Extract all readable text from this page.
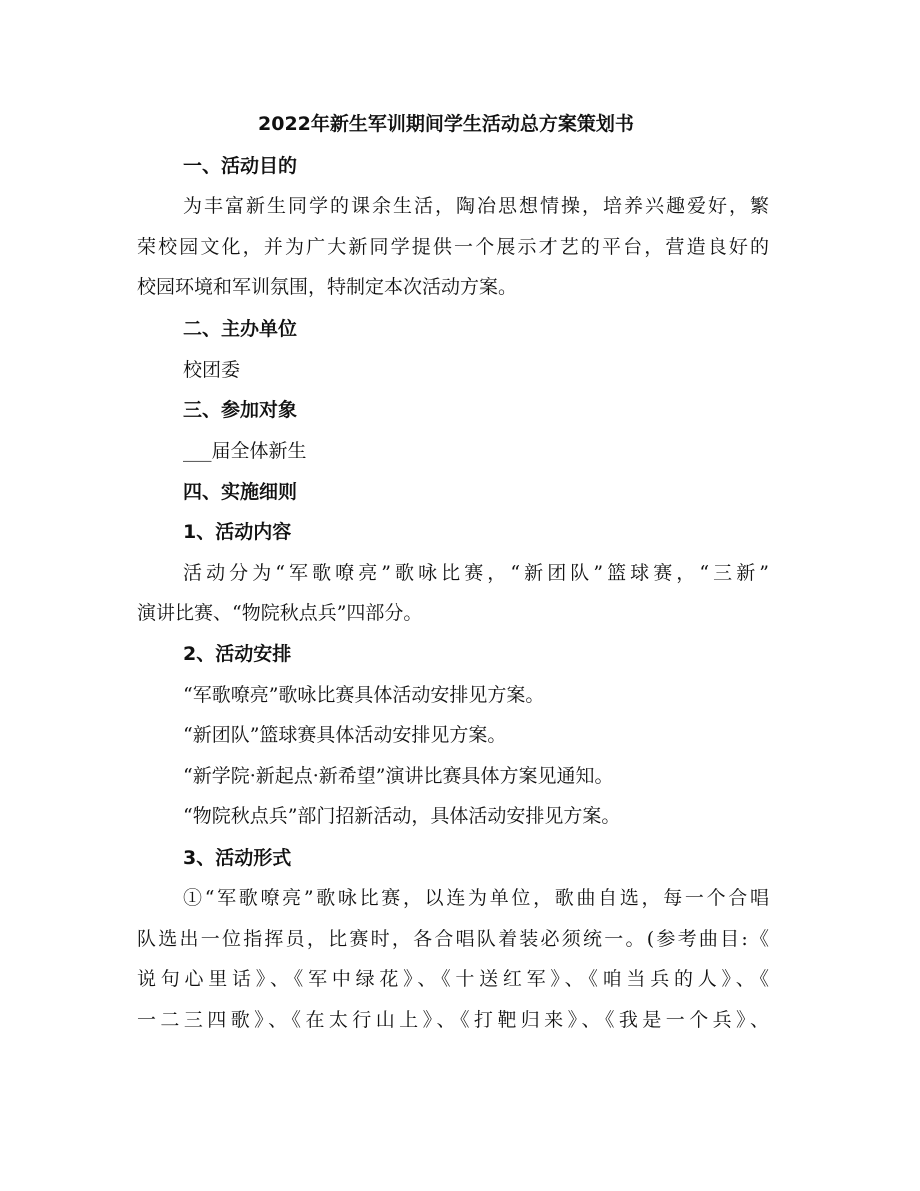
2022年新生军训期间学生活动总方案策划书
一、活动目的
为丰富新生同学的课余生活，陶冶思想情操，培养兴趣爱好，繁
荣校园文化，并为广大新同学提供一个展示才艺的平台，营造良好的
校园环境和军训氛围，特制定本次活动方案。
二、主办单位
校团委
三、参加对象
___届全体新生
四、实施细则
1、活动内容
活动分为“军歌嘹亮”歌咏比赛，“新团队”篮球赛，“三新”
演讲比赛、“物院秋点兵”四部分。
2、活动安排
“军歌嘹亮”歌咏比赛具体活动安排见方案。
“新团队”篮球赛具体活动安排见方案。
“新学院·新起点·新希望”演讲比赛具体方案见通知。
“物院秋点兵”部门招新活动，具体活动安排见方案。
3、活动形式
①“军歌嘹亮”歌咏比赛，以连为单位，歌曲自选，每一个合唱
队选出一位指挥员，比赛时，各合唱队着装必须统一。(参考曲目:《
说句心里话》、《军中绿花》、《十送红军》、《咱当兵的人》、《
一二三四歌》、《在太行山上》、《打靶归来》、《我是一个兵》、
